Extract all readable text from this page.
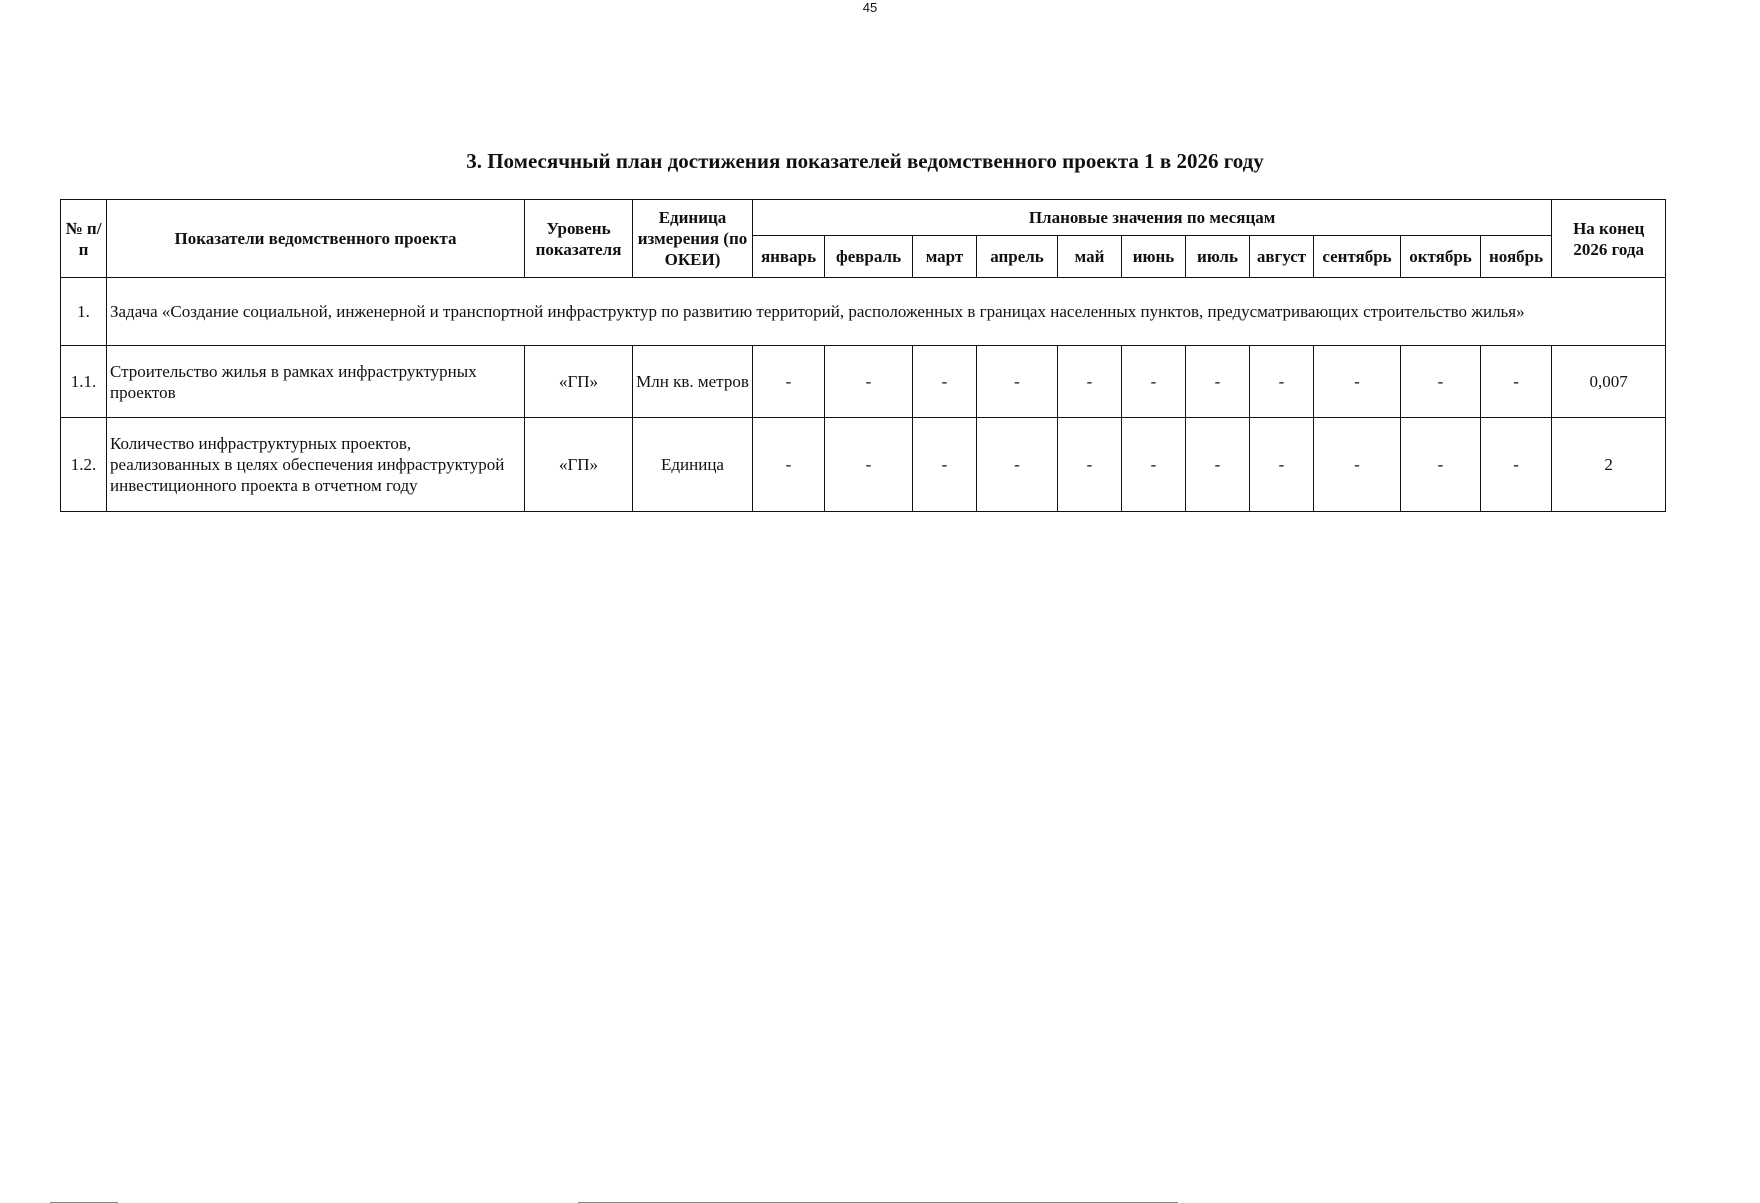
45
3. Помесячный план достижения показателей ведомственного проекта 1 в 2026 году
№ п/п	Показатели ведомственного проекта	Уровень показателя	Единица измерения (по ОКЕИ)	Плановые значения по месяцам											На конец 2026 года
				январь	февраль	март	апрель	май	июнь	июль	август	сентябрь	октябрь	ноябрь	
1.	Задача «Создание социальной, инженерной и транспортной инфраструктур по развитию территорий, расположенных в границах населенных пунктов, предусматривающих строительство жилья»														
1.1.	Строительство жилья в рамках инфраструктурных проектов	«ГП»	Млн кв. метров	-	-	-	-	-	-	-	-	-	-	-	0,007
1.2.	Количество инфраструктурных проектов, реализованных в целях обеспечения инфраструктурой инвестиционного проекта в отчетном году	«ГП»	Единица	-	-	-	-	-	-	-	-	-	-	-	2
